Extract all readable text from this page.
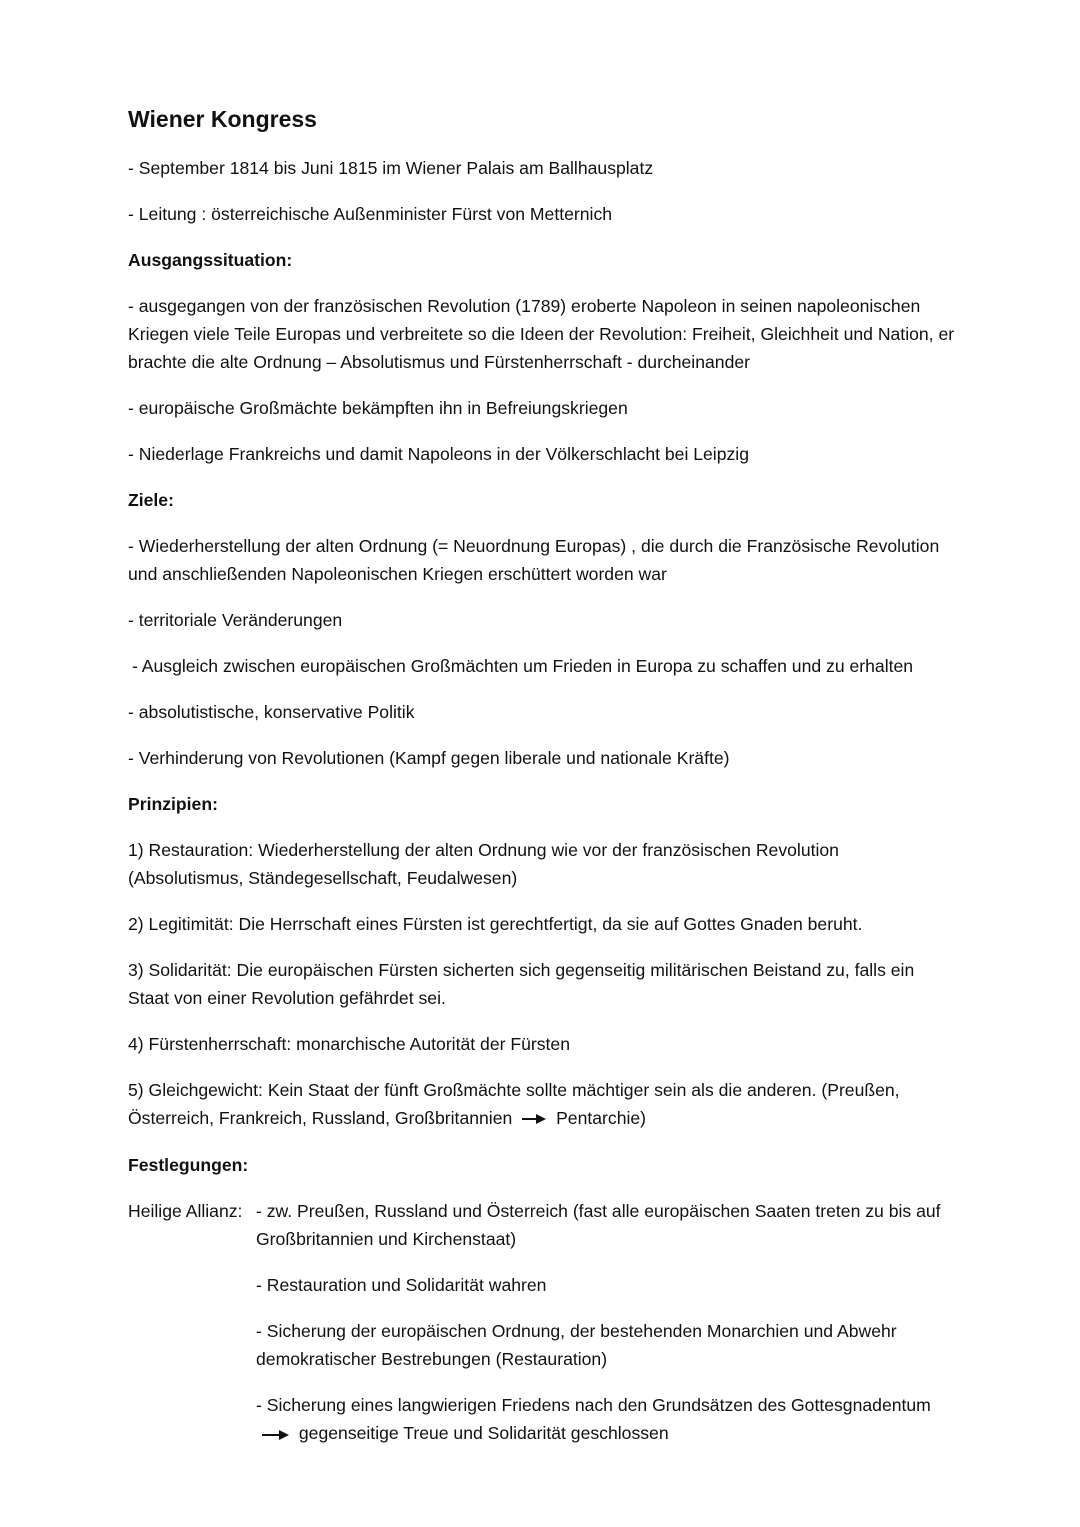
Wiener Kongress
- September 1814 bis Juni 1815 im Wiener Palais am Ballhausplatz
- Leitung : österreichische Außenminister Fürst von Metternich
Ausgangssituation:
- ausgegangen von der französischen Revolution (1789) eroberte Napoleon in seinen napoleonischen Kriegen viele Teile Europas und verbreitete so die Ideen der Revolution: Freiheit, Gleichheit und Nation, er brachte die alte Ordnung – Absolutismus und Fürstenherrschaft - durcheinander
- europäische Großmächte bekämpften ihn in Befreiungskriegen
- Niederlage Frankreichs und damit Napoleons in der Völkerschlacht bei Leipzig
Ziele:
- Wiederherstellung der alten Ordnung (= Neuordnung Europas) , die durch die Französische Revolution und anschließenden Napoleonischen Kriegen erschüttert worden war
- territoriale Veränderungen
- Ausgleich zwischen europäischen Großmächten um Frieden in Europa zu schaffen und zu erhalten
- absolutistische, konservative Politik
- Verhinderung von Revolutionen (Kampf gegen liberale und nationale Kräfte)
Prinzipien:
1) Restauration: Wiederherstellung der alten Ordnung wie vor der französischen Revolution (Absolutismus, Ständegesellschaft, Feudalwesen)
2) Legitimität: Die Herrschaft eines Fürsten ist gerechtfertigt, da sie auf Gottes Gnaden beruht.
3) Solidarität: Die europäischen Fürsten sicherten sich gegenseitig militärischen Beistand zu, falls ein Staat von einer Revolution gefährdet sei.
4) Fürstenherrschaft: monarchische Autorität der Fürsten
5) Gleichgewicht: Kein Staat der fünft Großmächte sollte mächtiger sein als die anderen. (Preußen, Österreich, Frankreich, Russland, Großbritannien Pentarchie)
Festlegungen:
Heilige Allianz: - zw. Preußen, Russland und Österreich (fast alle europäischen Saaten treten zu bis auf Großbritannien und Kirchenstaat)
- Restauration und Solidarität wahren
- Sicherung der europäischen Ordnung, der bestehenden Monarchien und Abwehr demokratischer Bestrebungen (Restauration)
- Sicherung eines langwierigen Friedens nach den Grundsätzen des Gottesgnadentum  gegenseitige Treue und Solidarität geschlossen
